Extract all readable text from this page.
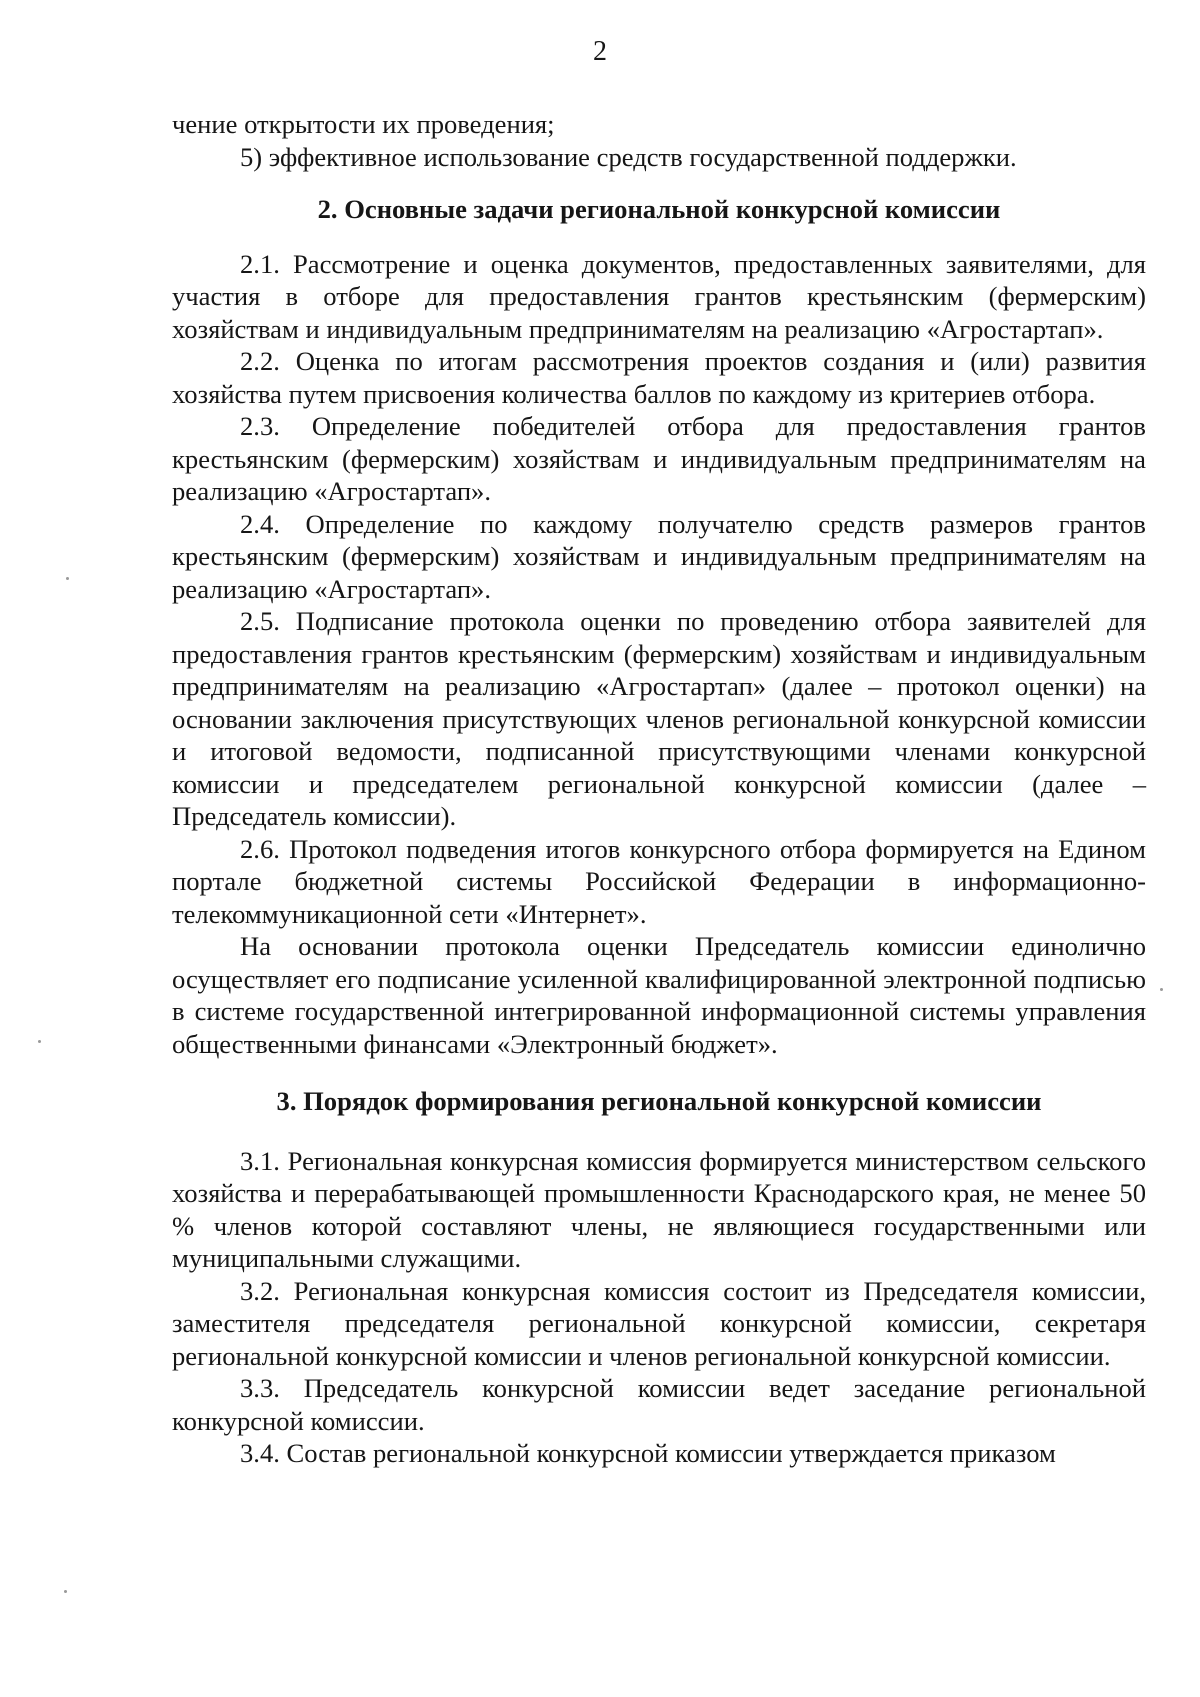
2

чение открытости их проведения;

5) эффективное использование средств государственной поддержки.

2. Основные задачи региональной конкурсной комиссии

2.1. Рассмотрение и оценка документов, предоставленных заявителями, для участия в отборе для предоставления грантов крестьянским (фермерским) хозяйствам и индивидуальным предпринимателям на реализацию «Агростартап».

2.2. Оценка по итогам рассмотрения проектов создания и (или) развития хозяйства путем присвоения количества баллов по каждому из критериев отбора.

2.3. Определение победителей отбора для предоставления грантов крестьянским (фермерским) хозяйствам и индивидуальным предпринимателям на реализацию «Агростартап».

2.4. Определение по каждому получателю средств размеров грантов крестьянским (фермерским) хозяйствам и индивидуальным предпринимателям на реализацию «Агростартап».

2.5. Подписание протокола оценки по проведению отбора заявителей для предоставления грантов крестьянским (фермерским) хозяйствам и индивидуальным предпринимателям на реализацию «Агростартап» (далее – протокол оценки) на основании заключения присутствующих членов региональной конкурсной комиссии и итоговой ведомости, подписанной присутствующими членами конкурсной комиссии и председателем региональной конкурсной комиссии (далее – Председатель комиссии).

2.6. Протокол подведения итогов конкурсного отбора формируется на Едином портале бюджетной системы Российской Федерации в информационно-телекоммуникационной сети «Интернет».

На основании протокола оценки Председатель комиссии единолично осуществляет его подписание усиленной квалифицированной электронной подписью в системе государственной интегрированной информационной системы управления общественными финансами «Электронный бюджет».

3. Порядок формирования региональной конкурсной комиссии

3.1. Региональная конкурсная комиссия формируется министерством сельского хозяйства и перерабатывающей промышленности Краснодарского края, не менее 50 % членов которой составляют члены, не являющиеся государственными или муниципальными служащими.

3.2. Региональная конкурсная комиссия состоит из Председателя комиссии, заместителя председателя региональной конкурсной комиссии, секретаря региональной конкурсной комиссии и членов региональной конкурсной комиссии.

3.3. Председатель конкурсной комиссии ведет заседание региональной конкурсной комиссии.

3.4. Состав региональной конкурсной комиссии утверждается приказом
